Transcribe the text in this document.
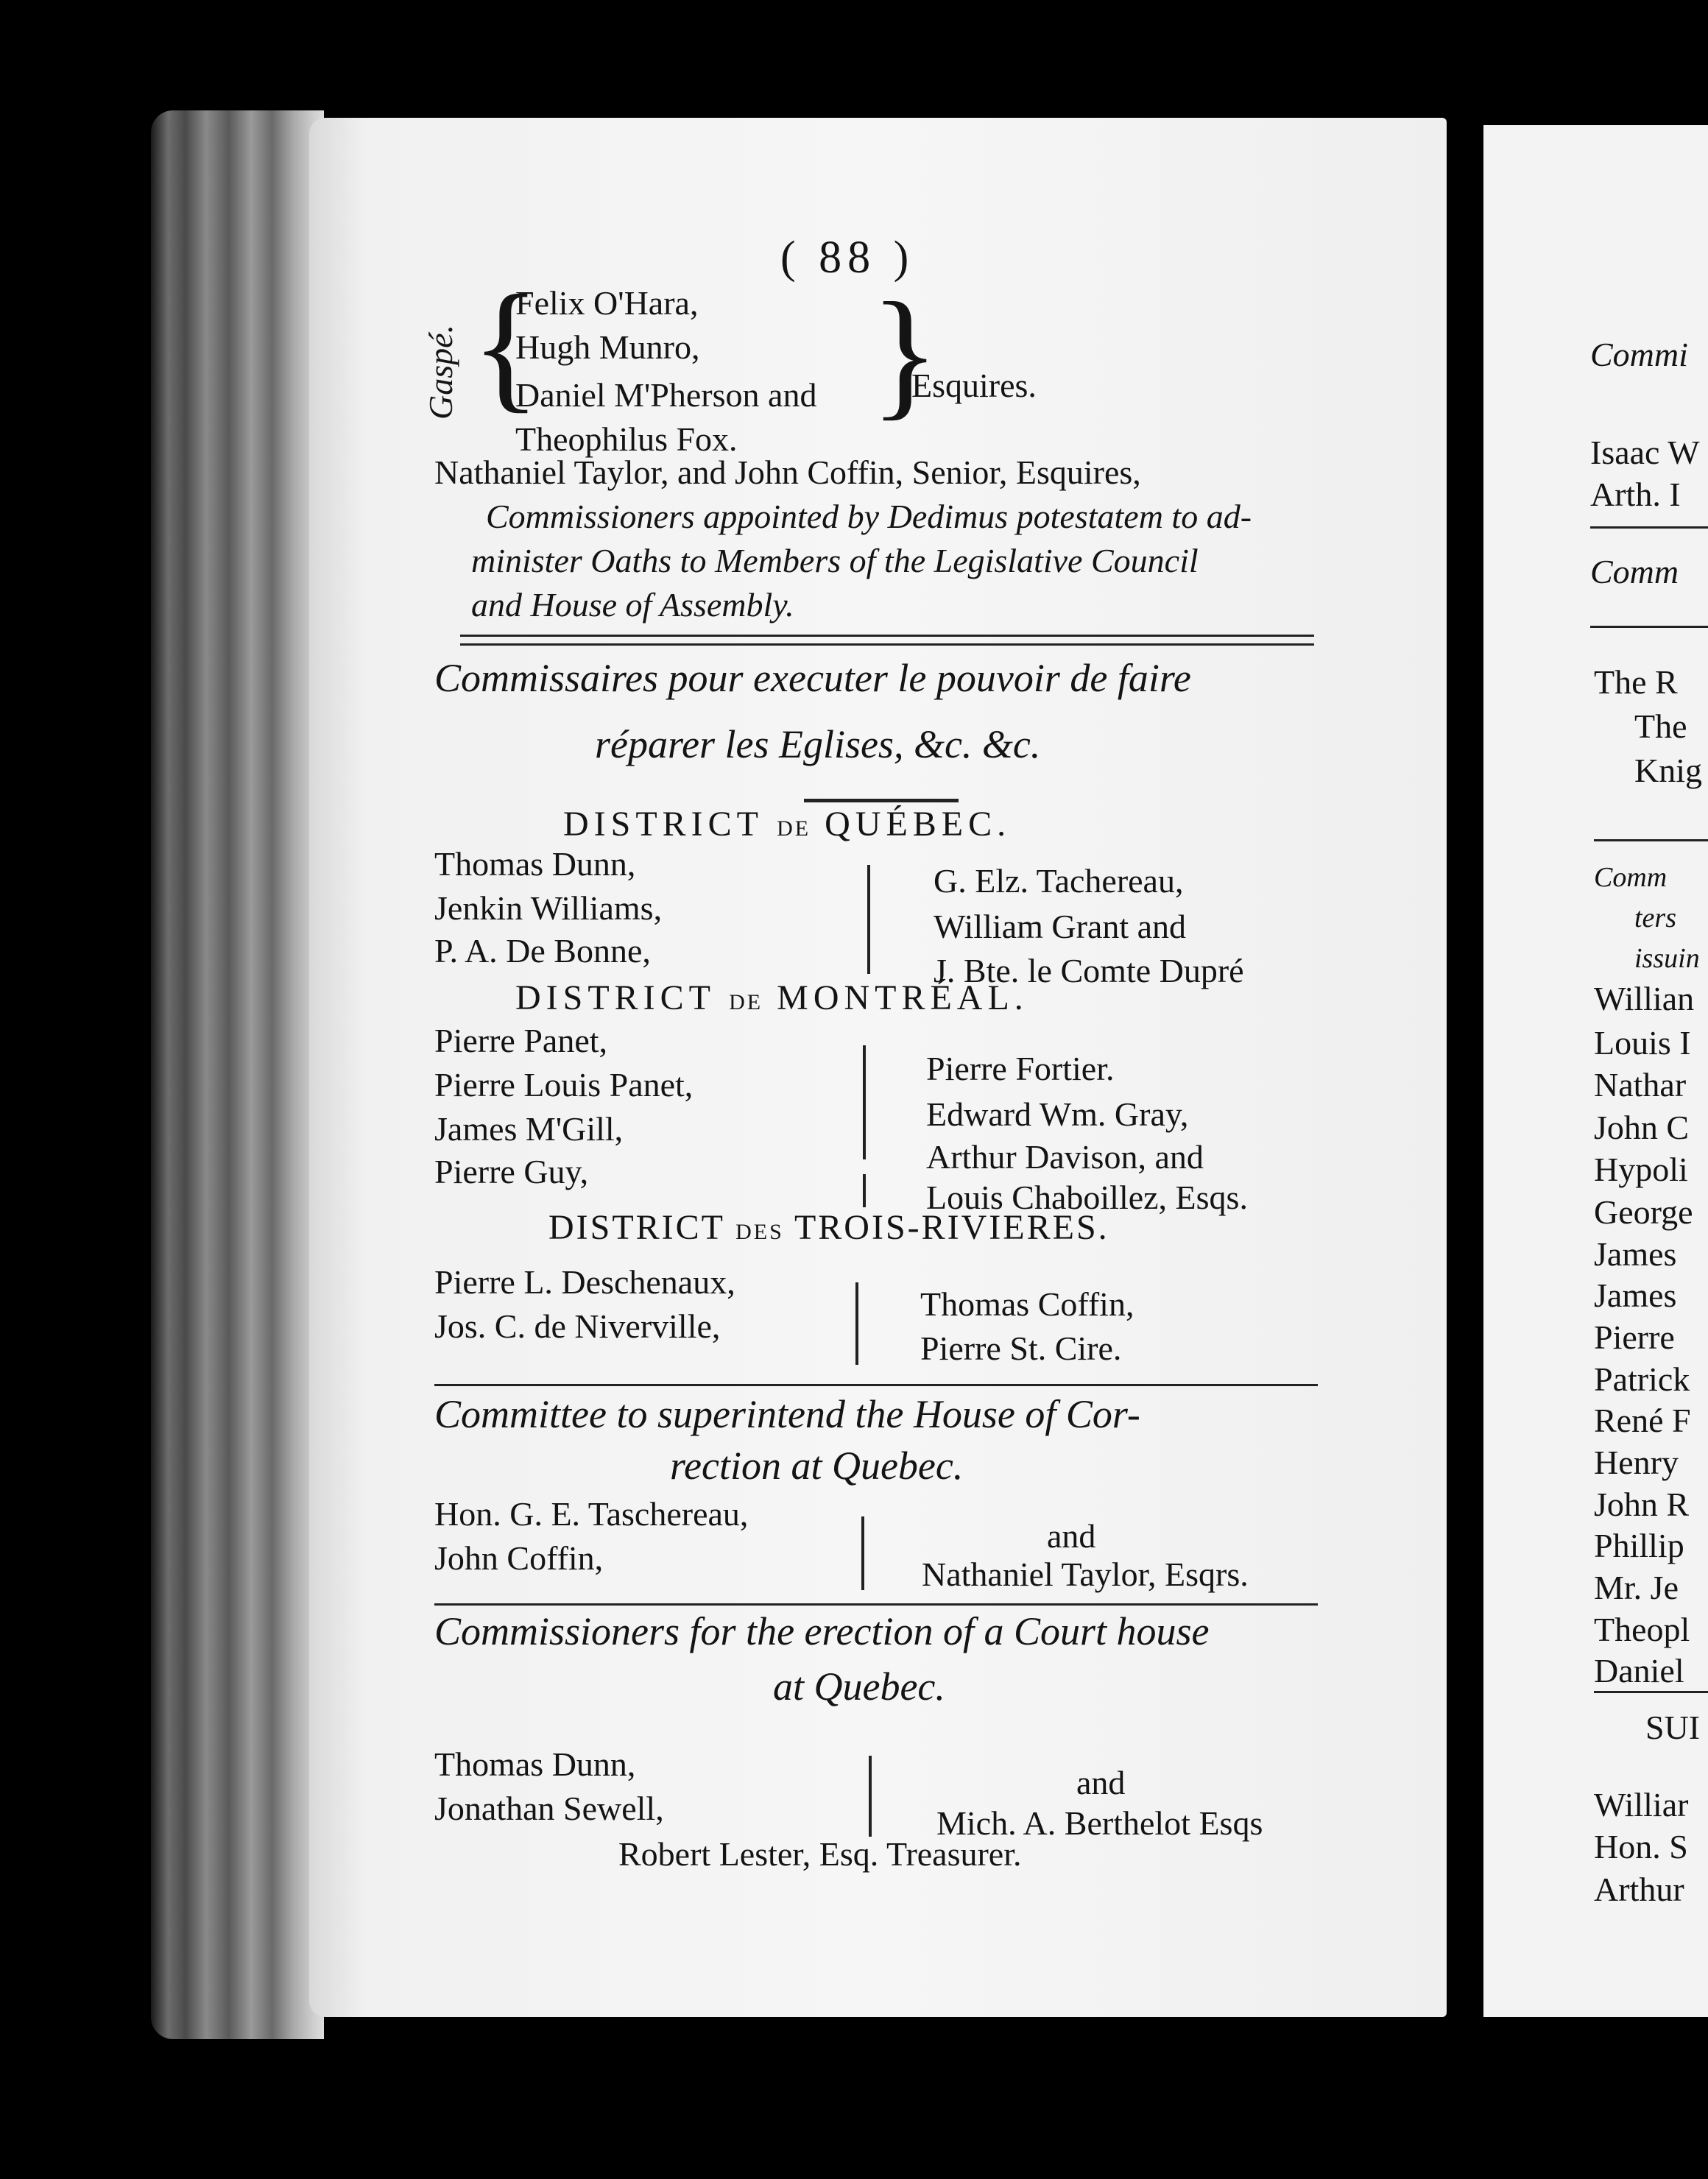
( 88 )
Gaspé. { }
Felix O'Hara,
Hugh Munro,
Daniel M'Pherson and
Theophilus Fox.
Esquires.
Nathaniel Taylor, and John Coffin, Senior, Esquires,
Commissioners appointed by Dedimus potestatem to ad-
minister Oaths to Members of the Legislative Council
and House of Assembly.
Commissaires pour executer le pouvoir de faire
réparer les Eglises, &c. &c.
DISTRICT DE QUÉBEC.
Thomas Dunn,
Jenkin Williams,
P. A. De Bonne,
G. Elz. Tachereau,
William Grant and
J. Bte. le Comte Dupré
DISTRICT DE MONTRÉAL.
Pierre Panet,
Pierre Louis Panet,
James M'Gill,
Pierre Guy,
Pierre Fortier.
Edward Wm. Gray,
Arthur Davison, and
Louis Chaboillez, Esqs.
DISTRICT DES TROIS-RIVIERES.
Pierre L. Deschenaux,
Jos. C. de Niverville,
Thomas Coffin,
Pierre St. Cire.
Committee to superintend the House of Cor-
rection at Quebec.
Hon. G. E. Taschereau,
John Coffin,
and
Nathaniel Taylor, Esqrs.
Commissioners for the erection of a Court house
at Quebec.
Thomas Dunn,
Jonathan Sewell,
and
Mich. A. Berthelot Esqs
Robert Lester, Esq. Treasurer.
Commi
Isaac W
Arth. I
Comm
The R
The
Knig
Comm
ters
issuin
Willian
Louis I
Nathar
John C
Hypoli
George
James
James
Pierre
Patrick
René F
Henry
John R
Phillip
Mr. Je
Theopl
Daniel
SUI
Williar
Hon. S
Arthur
